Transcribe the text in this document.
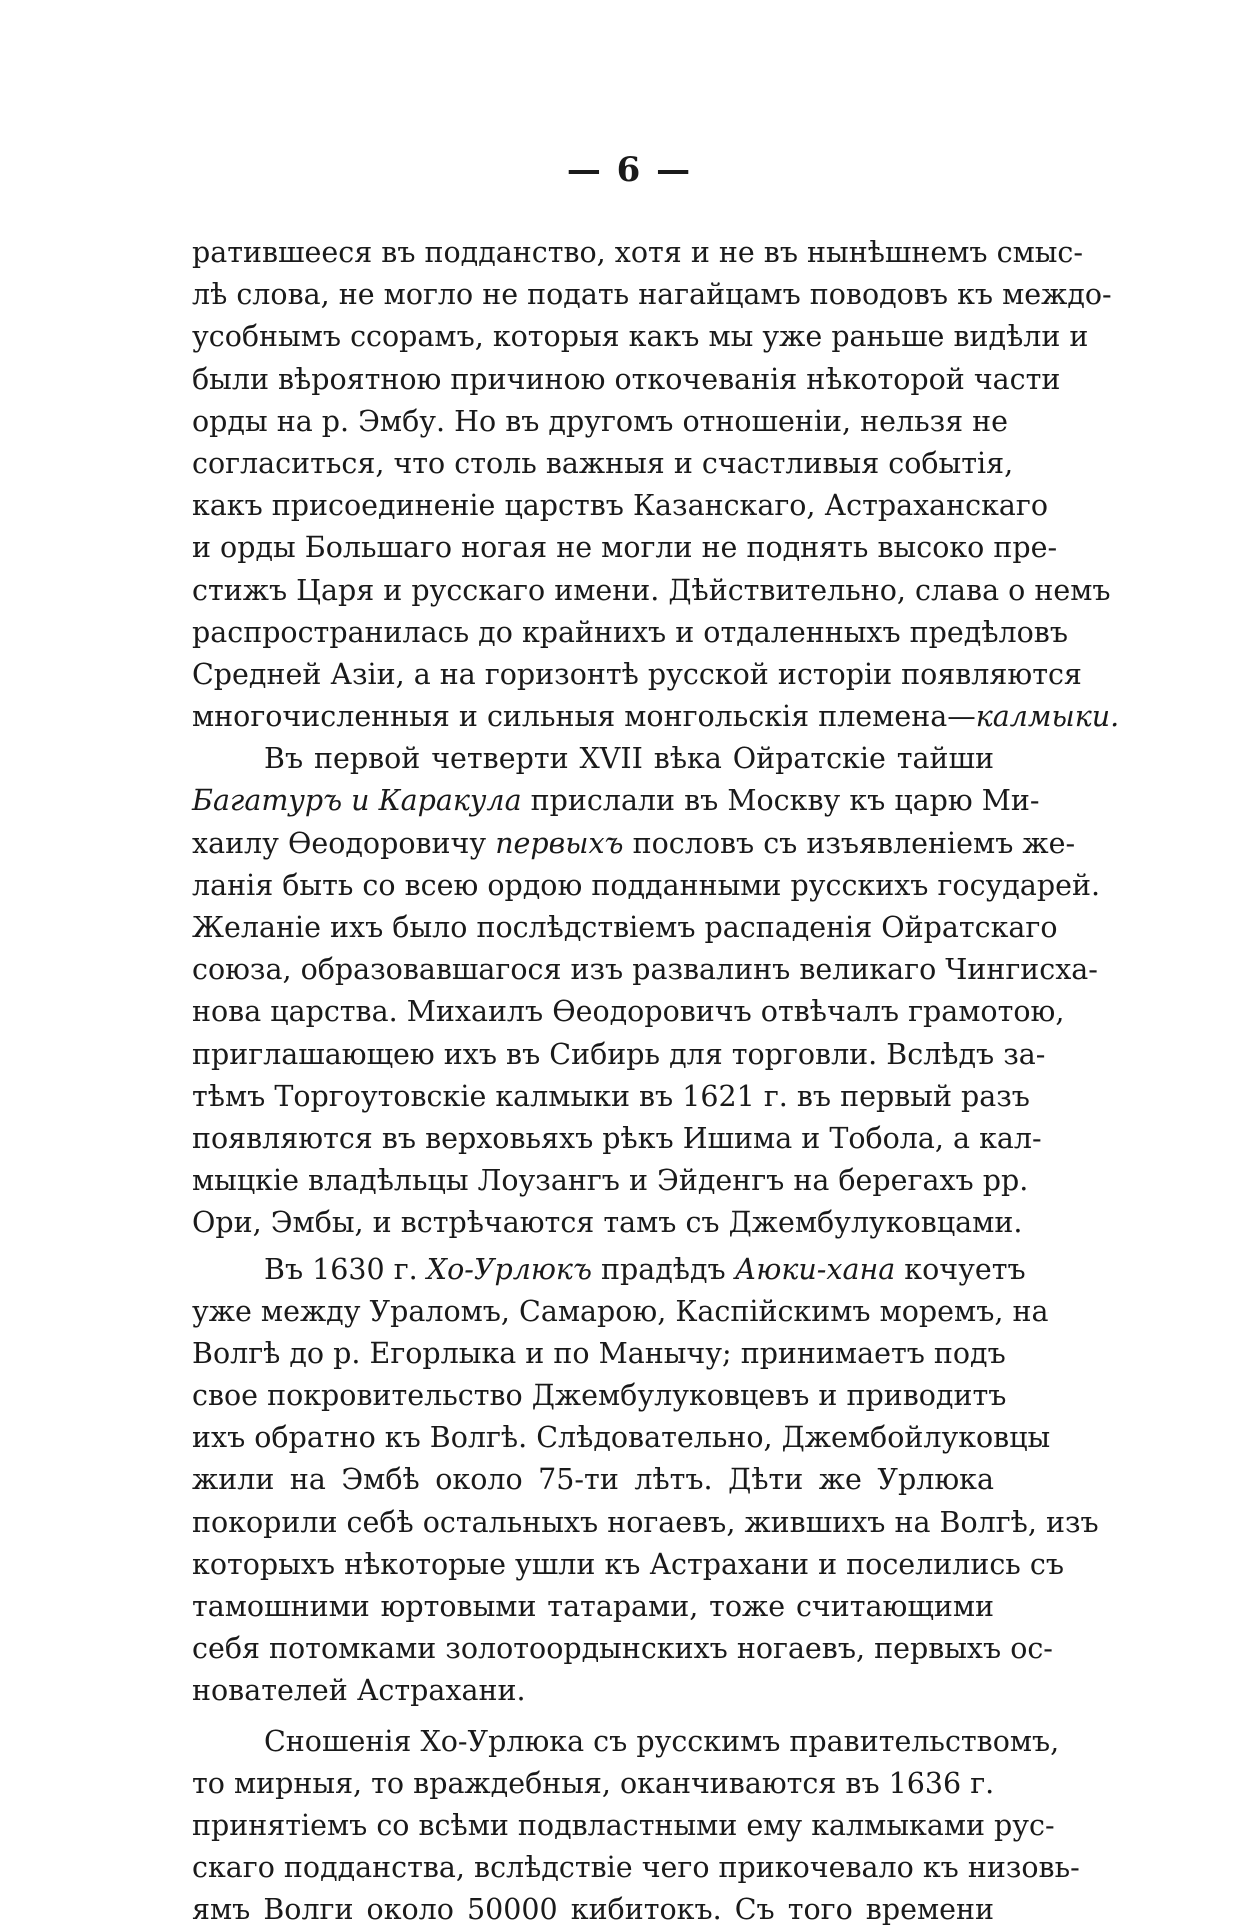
— 6 —
ратившееся въ подданство, хотя и не въ нынѣшнемъ смыс-
лѣ слова, не могло не подать нагайцамъ поводовъ къ междо-
усобнымъ ссорамъ, которыя какъ мы уже раньше видѣли и
были вѣроятною причиною откочеванія нѣкоторой части
орды на р. Эмбу. Но въ другомъ отношеніи, нельзя не
согласиться, что столь важныя и счастливыя событія,
какъ присоединеніе царствъ Казанскаго, Астраханскаго
и орды Большаго ногая не могли не поднять высоко пре-
стижъ Царя и русскаго имени. Дѣйствительно, слава о немъ
распространилась до крайнихъ и отдаленныхъ предѣловъ
Средней Азіи, а на горизонтѣ русской исторіи появляются
многочисленныя и сильныя монгольскія племена—калмыки.
Въ первой четверти XVII вѣка Ойратскіе тайши
Багатуръ и Каракула прислали въ Москву къ царю Ми-
хаилу Ѳеодоровичу первыхъ пословъ съ изъявленіемъ же-
ланія быть со всею ордою подданными русскихъ государей.
Желаніе ихъ было послѣдствіемъ распаденія Ойратскаго
союза, образовавшагося изъ развалинъ великаго Чингисха-
нова царства. Михаилъ Ѳеодоровичъ отвѣчалъ грамотою,
приглашающею ихъ въ Сибирь для торговли. Вслѣдъ за-
тѣмъ Торгоутовскіе калмыки въ 1621 г. въ первый разъ
появляются въ верховьяхъ рѣкъ Ишима и Тобола, а кал-
мыцкіе владѣльцы Лоузангъ и Эйденгъ на берегахъ рр.
Ори, Эмбы, и встрѣчаются тамъ съ Джембулуковцами.
Въ 1630 г. Хо-Урлюкъ прадѣдъ Аюки-хана кочуетъ
уже между Ураломъ, Самарою, Каспійскимъ моремъ, на
Волгѣ до р. Егорлыка и по Манычу; принимаетъ подъ
свое покровительство Джембулуковцевъ и приводитъ
ихъ обратно къ Волгѣ. Слѣдовательно, Джембойлуковцы
жили на Эмбѣ около 75-ти лѣтъ. Дѣти же Урлюка
покорили себѣ остальныхъ ногаевъ, жившихъ на Волгѣ, изъ
которыхъ нѣкоторые ушли къ Астрахани и поселились съ
тамошними юртовыми татарами, тоже считающими
себя потомками золотоордынскихъ ногаевъ, первыхъ ос-
нователей Астрахани.
Сношенія Хо-Урлюка съ русскимъ правительствомъ,
то мирныя, то враждебныя, оканчиваются въ 1636 г.
принятіемъ со всѣми подвластными ему калмыками рус-
скаго подданства, вслѣдствіе чего прикочевало къ низовь-
ямъ Волги около 50000 кибитокъ. Съ того времени
